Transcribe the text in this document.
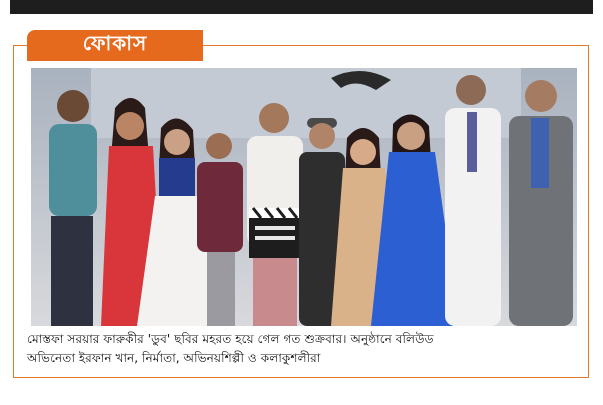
ফোকাস
মোস্তফা সরয়ার ফারুকীর 'ডুব' ছবির মহরত হয়ে গেল গত শুক্রবার। অনুষ্ঠানে বলিউড
অভিনেতা ইরফান খান, নির্মাতা, অভিনয়শিল্পী ও কলাকুশলীরা
